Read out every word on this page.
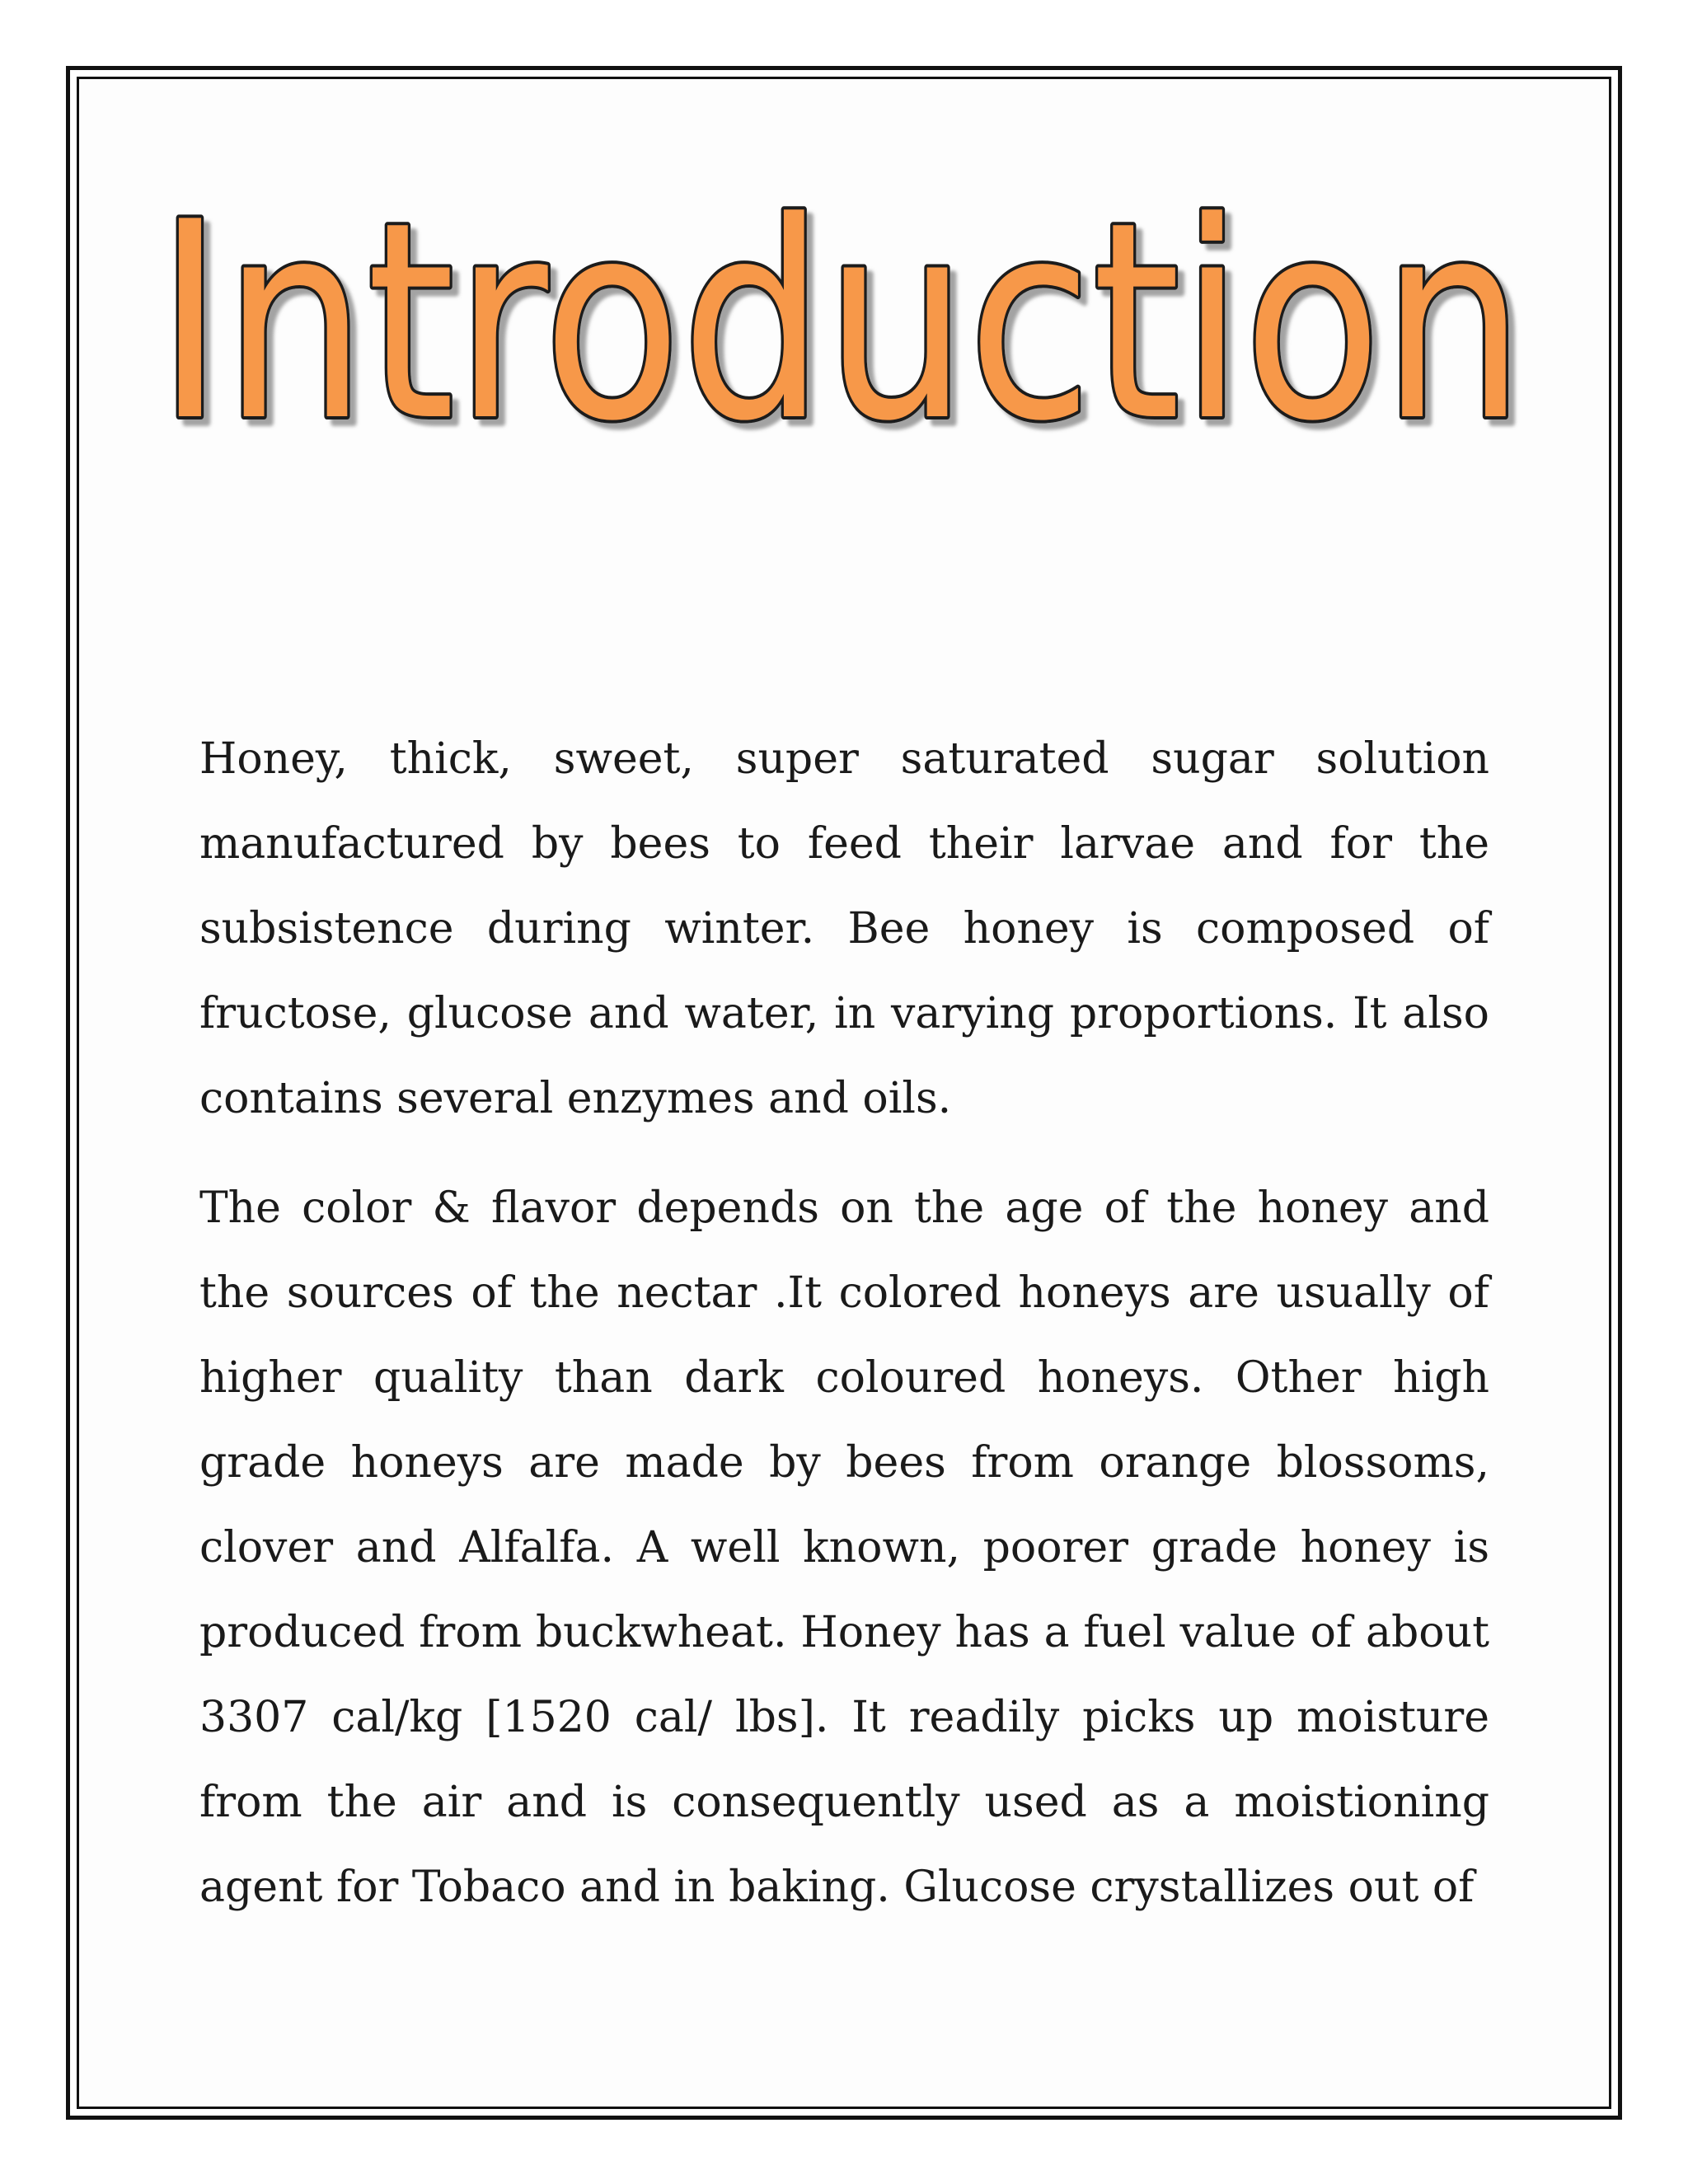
Introduction

Honey, thick, sweet, super saturated sugar solution manufactured by bees to feed their larvae and for the subsistence during winter. Bee honey is composed of fructose, glucose and water, in varying proportions. It also contains several enzymes and oils.

The color & flavor depends on the age of the honey and the sources of the nectar .It colored honeys are usually of higher quality than dark coloured honeys. Other high grade honeys are made by bees from orange blossoms, clover and Alfalfa. A well known, poorer grade honey is produced from buckwheat. Honey has a fuel value of about 3307 cal/kg [1520 cal/ lbs]. It readily picks up moisture from the air and is consequently used as a moistioning agent for Tobaco and in baking. Glucose crystallizes out of
